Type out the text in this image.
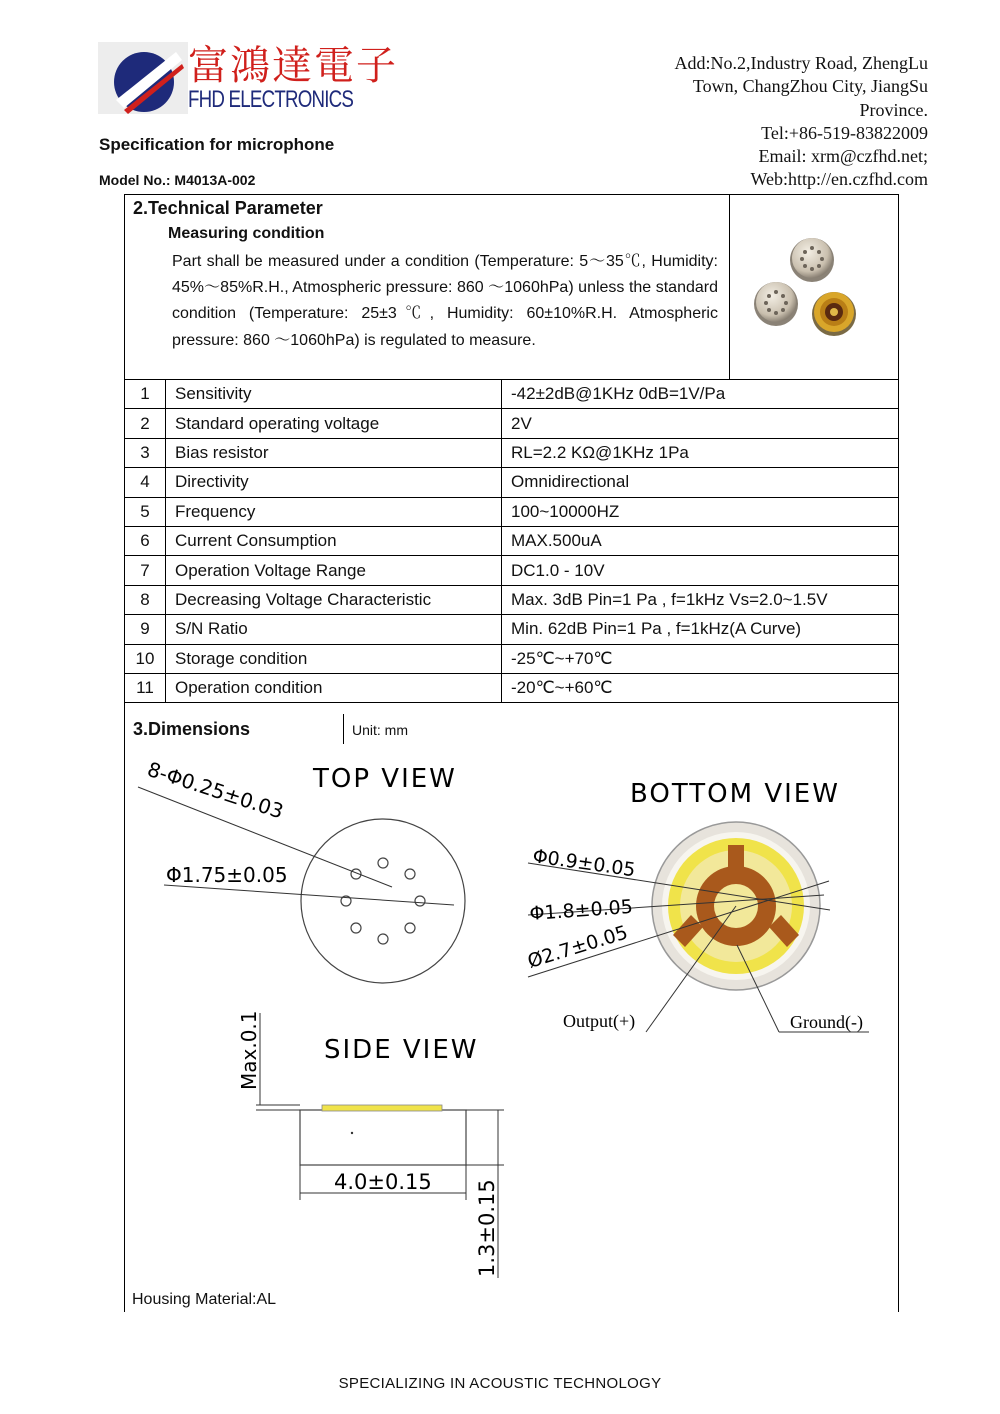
富鴻達電子
FHD ELECTRONICS
Specification for microphone
Model No.: M4013A-002
Add:No.2,Industry Road, ZhengLu
Town, ChangZhou City, JiangSu
Province.
Tel:+86-519-83822009
Email: xrm@czfhd.net;
Web:http://en.czfhd.com
2.Technical Parameter
Measuring condition
Part shall be measured under a condition (Temperature: 5～35℃, Humidity: 45%～85%R.H., Atmospheric pressure: 860 ～1060hPa) unless the standard condition (Temperature: 25±3℃, Humidity: 60±10%R.H. Atmospheric pressure: 860 ～1060hPa) is regulated to measure.
1	Sensitivity	-42±2dB@1KHz 0dB=1V/Pa
2	Standard operating voltage	2V
3	Bias resistor	RL=2.2 KΩ@1KHz 1Pa
4	Directivity	Omnidirectional
5	Frequency	100~10000HZ
6	Current Consumption	MAX.500uA
7	Operation Voltage Range	DC1.0 - 10V
8	Decreasing Voltage Characteristic	Max. 3dB Pin=1 Pa , f=1kHz Vs=2.0~1.5V
9	S/N Ratio	Min. 62dB Pin=1 Pa , f=1kHz(A Curve)
10	Storage condition	-25℃~+70℃
11	Operation condition	-20℃~+60℃
3.Dimensions	Unit: mm
TOP VIEW
8-Φ0.25±0.03
Φ1.75±0.05
BOTTOM VIEW
Φ0.9±0.05
Φ1.8±0.05
Ø2.7±0.05
Output(+)	Ground(-)
SIDE VIEW
Max.0.1
4.0±0.15 1.3±0.15
Housing Material:AL
SPECIALIZING IN ACOUSTIC TECHNOLOGY
